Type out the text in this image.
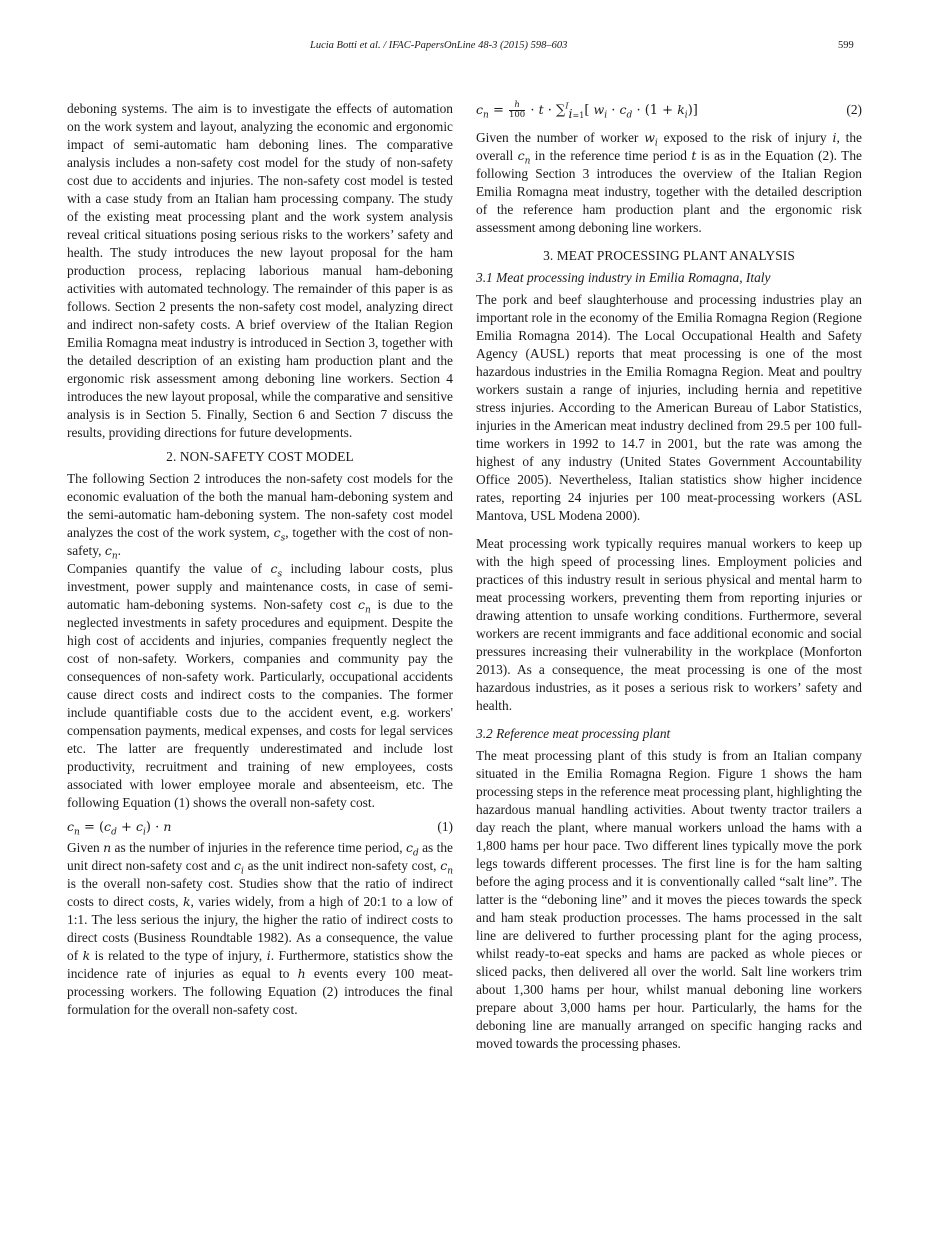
Lucia Botti et al. / IFAC-PapersOnLine 48-3 (2015) 598–603	599

deboning systems. The aim is to investigate the effects of automation on the work system and layout, analyzing the economic and ergonomic impact of semi-automatic ham deboning lines. The comparative analysis includes a non-safety cost model for the study of non-safety cost due to accidents and injuries. The non-safety cost model is tested with a case study from an Italian ham processing company. The study of the existing meat processing plant and the work system analysis reveal critical situations posing serious risks to the workers’ safety and health. The study introduces the new layout proposal for the ham production process, replacing laborious manual ham-deboning activities with automated technology. The remainder of this paper is as follows. Section 2 presents the non-safety cost model, analyzing direct and indirect non-safety costs. A brief overview of the Italian Region Emilia Romagna meat industry is introduced in Section 3, together with the detailed description of an existing ham production plant and the ergonomic risk assessment among deboning line workers. Section 4 introduces the new layout proposal, while the comparative and sensitive analysis is in Section 5. Finally, Section 6 and Section 7 discuss the results, providing directions for future developments.

2. NON-SAFETY COST MODEL

The following Section 2 introduces the non-safety cost models for the economic evaluation of the both the manual ham-deboning system and the semi-automatic ham-deboning system. The non-safety cost model analyzes the cost of the work system, $c_s$, together with the cost of non-safety, $c_n$.

Companies quantify the value of $c_s$ including labour costs, plus investment, power supply and maintenance costs, in case of semi-automatic ham-deboning systems. Non-safety cost $c_n$ is due to the neglected investments in safety procedures and equipment. Despite the high cost of accidents and injuries, companies frequently neglect the cost of non-safety. Workers, companies and community pay the consequences of non-safety work. Particularly, occupational accidents cause direct costs and indirect costs to the companies. The former include quantifiable costs due to the accident event, e.g. workers' compensation payments, medical expenses, and costs for legal services etc. The latter are frequently underestimated and include lost productivity, recruitment and training of new employees, costs associated with lower employee morale and absenteeism, etc. The following Equation (1) shows the overall non-safety cost.

$c_n = (c_d + c_i) \cdot n$	(1)

Given n as the number of injuries in the reference time period, $c_d$ as the unit direct non-safety cost and $c_i$ as the unit indirect non-safety cost, $c_n$ is the overall non-safety cost. Studies show that the ratio of indirect costs to direct costs, k, varies widely, from a high of 20:1 to a low of 1:1. The less serious the injury, the higher the ratio of indirect costs to direct costs (Business Roundtable 1982). As a consequence, the value of k is related to the type of injury, i. Furthermore, statistics show the incidence rate of injuries as equal to h events every 100 meat-processing workers. The following Equation (2) introduces the final formulation for the overall non-safety cost.

$c_n = \frac{h}{100} \cdot t \cdot \sum^I_{i=1}$[ $w_i \cdot c_d \cdot (1 + k_i)$]	(2)

Given the number of worker $w_i$ exposed to the risk of injury i, the overall $c_n$ in the reference time period t is as in the Equation (2). The following Section 3 introduces the overview of the Italian Region Emilia Romagna meat industry, together with the detailed description of the reference ham production plant and the ergonomic risk assessment among deboning line workers.

3. MEAT PROCESSING PLANT ANALYSIS

3.1 Meat processing industry in Emilia Romagna, Italy

The pork and beef slaughterhouse and processing industries play an important role in the economy of the Emilia Romagna Region (Regione Emilia Romagna 2014). The Local Occupational Health and Safety Agency (AUSL) reports that meat processing is one of the most hazardous industries in the Emilia Romagna Region. Meat and poultry workers sustain a range of injuries, including hernia and repetitive stress injuries. According to the American Bureau of Labor Statistics, injuries in the American meat industry declined from 29.5 per 100 full-time workers in 1992 to 14.7 in 2001, but the rate was among the highest of any industry (United States Government Accountability Office 2005). Nevertheless, Italian statistics show higher incidence rates, reporting 24 injuries per 100 meat-processing workers (ASL Mantova, USL Modena 2000).

Meat processing work typically requires manual workers to keep up with the high speed of processing lines. Employment policies and practices of this industry result in serious physical and mental harm to meat processing workers, preventing them from reporting injuries or drawing attention to unsafe working conditions. Furthermore, several workers are recent immigrants and face additional economic and social pressures increasing their vulnerability in the workplace (Monforton 2013). As a consequence, the meat processing is one of the most hazardous industries, as it poses a serious risk to workers’ safety and health.

3.2 Reference meat processing plant

The meat processing plant of this study is from an Italian company situated in the Emilia Romagna Region. Figure 1 shows the ham processing steps in the reference meat processing plant, highlighting the hazardous manual handling activities. About twenty tractor trailers a day reach the plant, where manual workers unload the hams with a 1,800 hams per hour pace. Two different lines typically move the pork legs towards different processes. The first line is for the ham salting before the aging process and it is conventionally called “salt line”. The latter is the “deboning line” and it moves the pieces towards the speck and ham steak production processes. The hams processed in the salt line are delivered to further processing plant for the aging process, whilst ready-to-eat specks and hams are packed as whole pieces or sliced packs, then delivered all over the world. Salt line workers trim about 1,300 hams per hour, whilst manual deboning line workers prepare about 3,000 hams per hour. Particularly, the hams for the deboning line are manually arranged on specific hanging racks and moved towards the processing phases.
